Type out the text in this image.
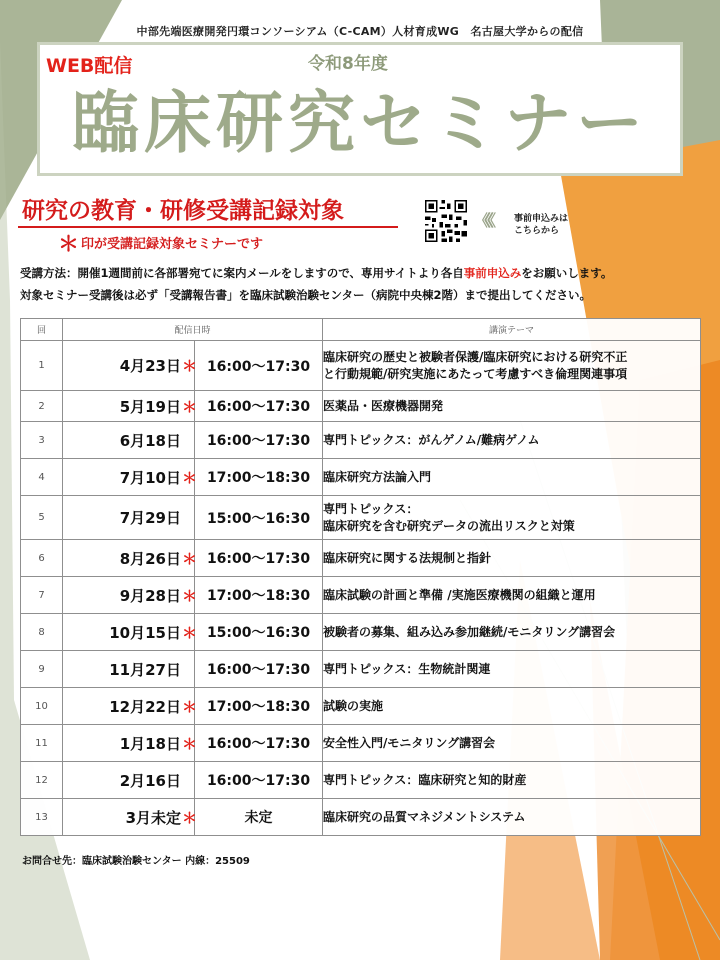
中部先端医療開発円環コンソーシアム（C-CAM）人材育成WG　名古屋大学からの配信
WEB配信	令和8年度
臨床研究セミナー
研究の教育・研修受講記録対象
＊ 印が受講記録対象セミナーです
《《《	事前申込みは
こちらから
受講方法：開催1週間前に各部署宛てに案内メールをしますので、専用サイトより各自事前申込みをお願いします。
対象セミナー受講後は必ず「受講報告書」を臨床試験治験センター（病院中央棟2階）まで提出してください。
回	配信日時		講演テーマ
1	4月23日＊	16:00～17:30	臨床研究の歴史と被験者保護/臨床研究における研究不正
と行動規範/研究実施にあたって考慮すべき倫理関連事項

2	5月19日＊	16:00～17:30	医薬品・医療機器開発

3	6月18日	16:00～17:30	専門トピックス：がんゲノム/難病ゲノム

4	7月10日＊	17:00～18:30	臨床研究方法論入門

5	7月29日	15:00～16:30	専門トピックス：
臨床研究を含む研究データの流出リスクと対策

6	8月26日＊	16:00～17:30	臨床研究に関する法規制と指針

7	9月28日＊	17:00～18:30	臨床試験の計画と準備 /実施医療機関の組織と運用

8	10月15日＊	15:00～16:30	被験者の募集、組み込み参加継続/モニタリング講習会

9	11月27日	16:00～17:30	専門トピックス：生物統計関連

10	12月22日＊	17:00～18:30	試験の実施

11	1月18日＊	16:00～17:30	安全性入門/モニタリング講習会

12	2月16日	16:00～17:30	専門トピックス：臨床研究と知的財産

13	3月未定＊	未定	臨床研究の品質マネジメントシステム
お問合せ先：臨床試験治験センター 内線：25509
